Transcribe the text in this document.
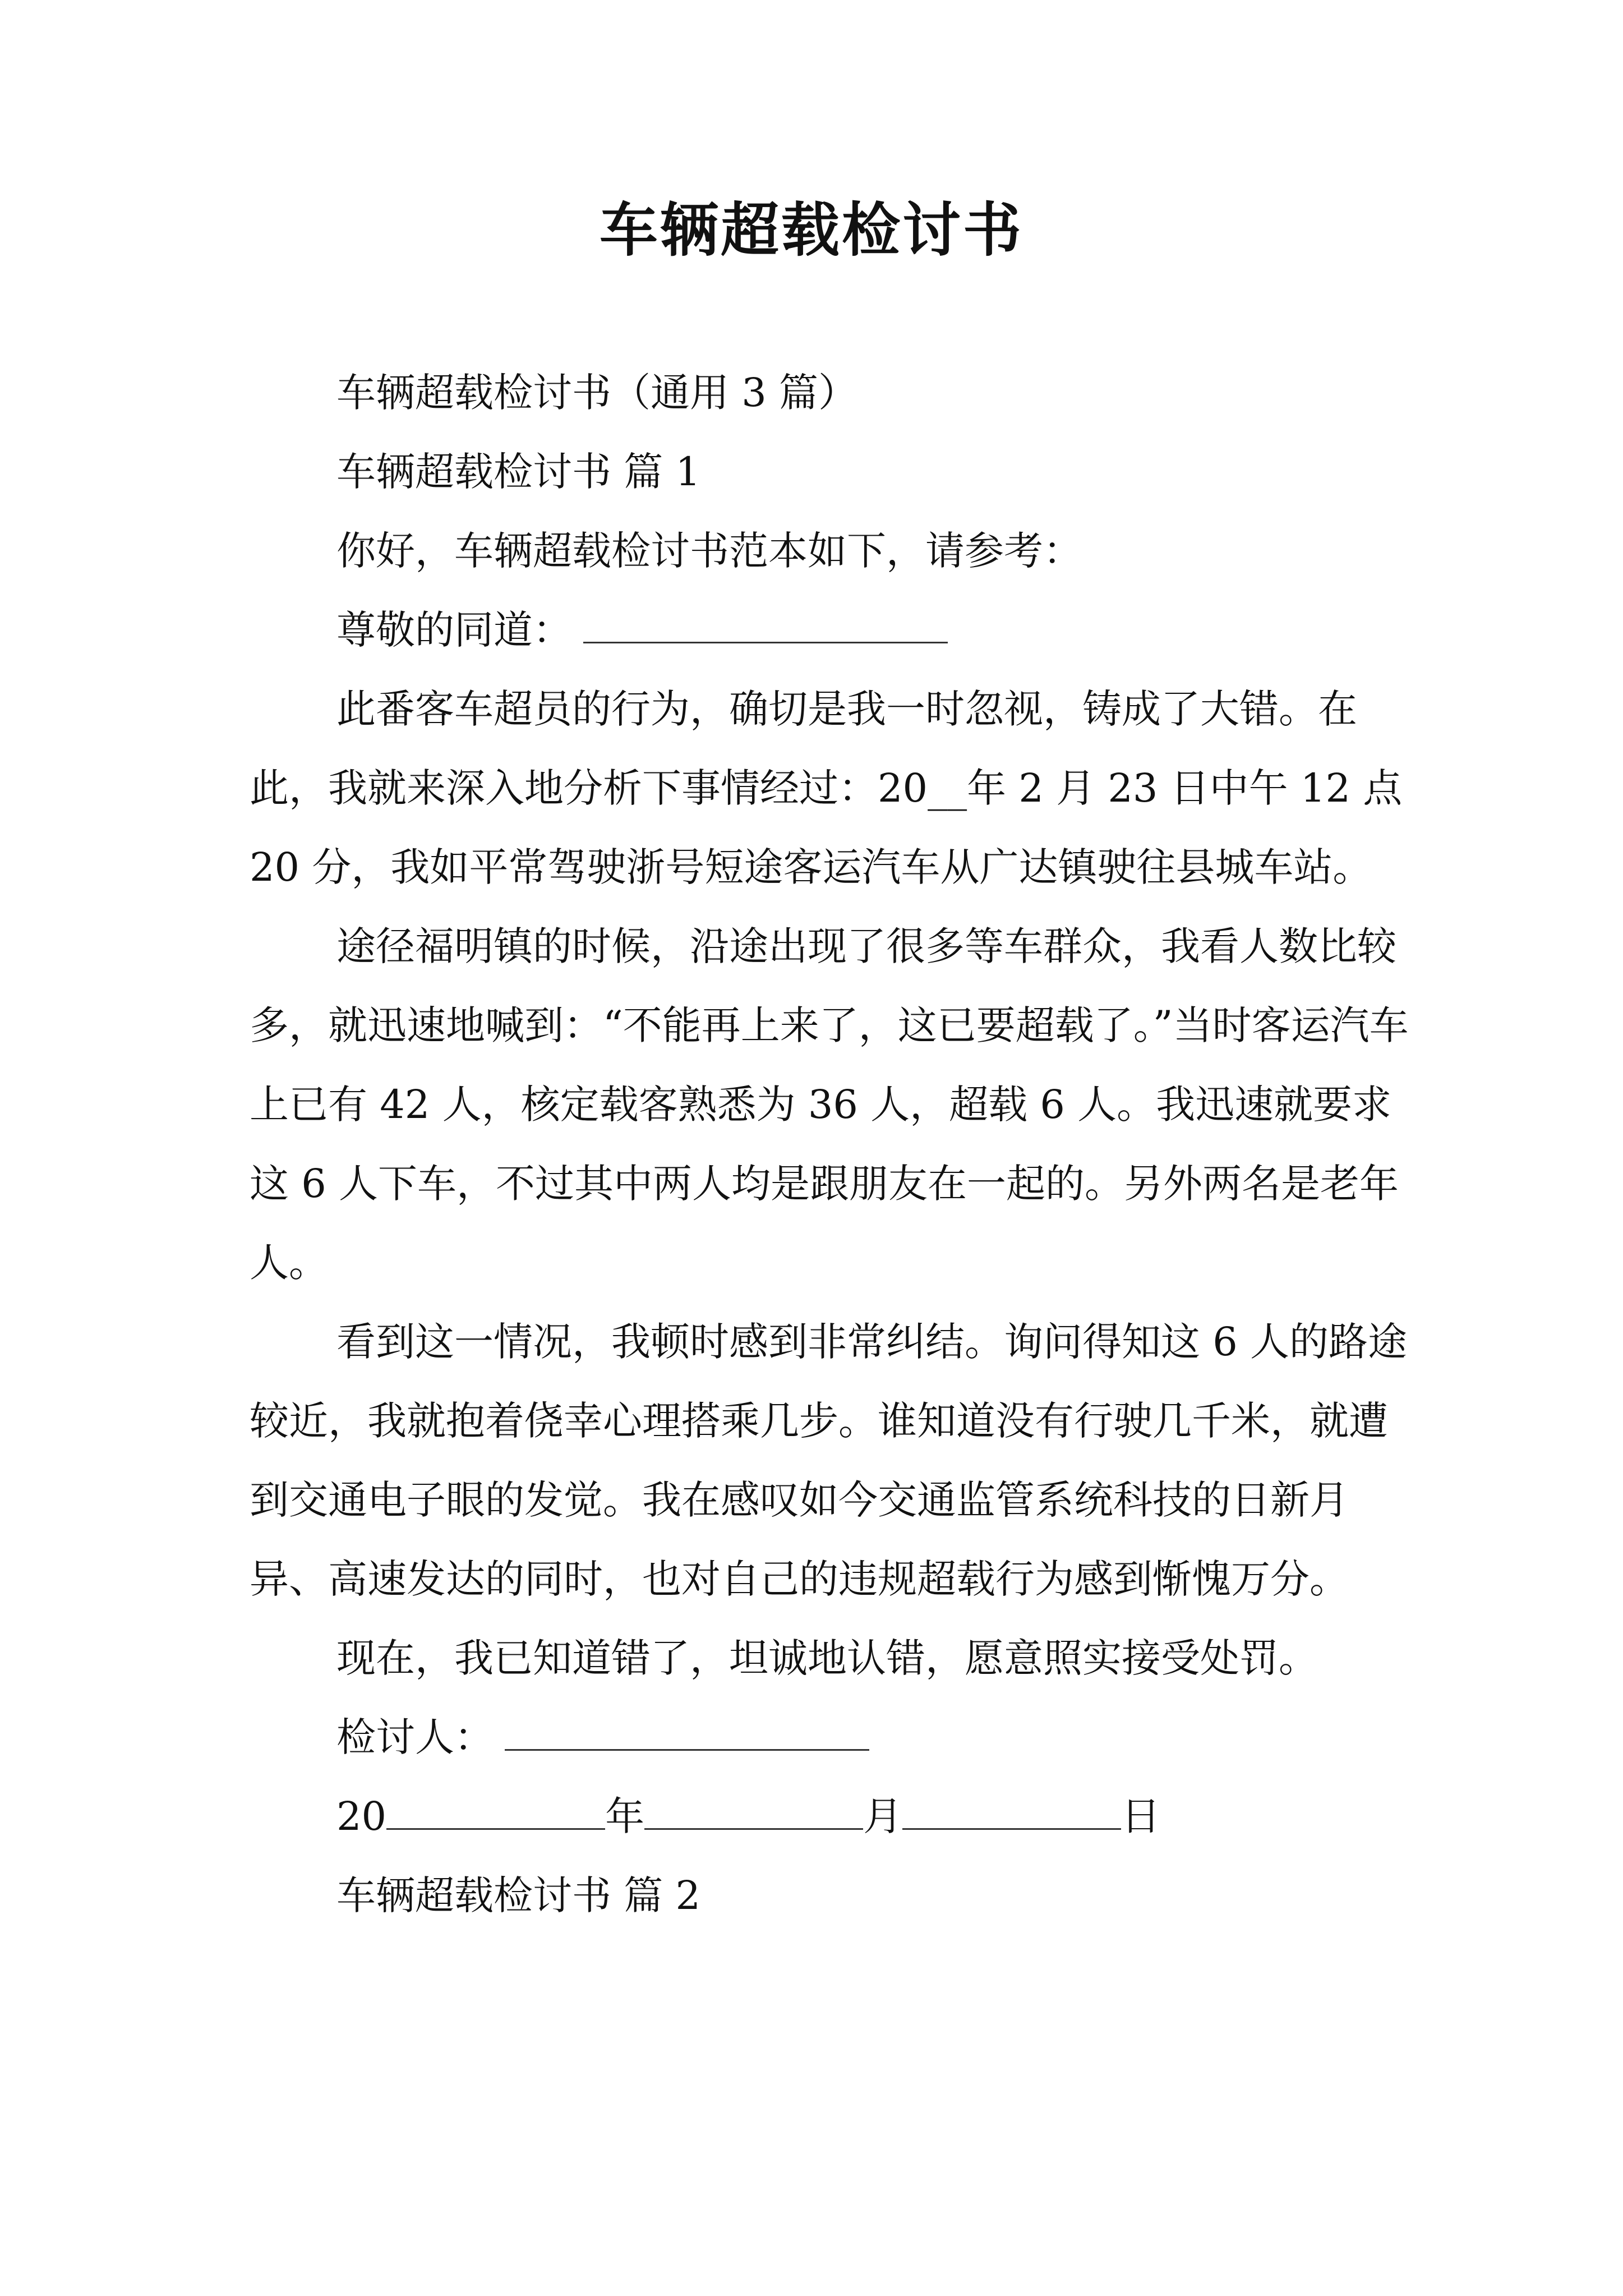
车辆超载检讨书

车辆超载检讨书（通用 3 篇）

车辆超载检讨书 篇 1

你好，车辆超载检讨书范本如下，请参考：

尊敬的同道：

此番客车超员的行为，确切是我一时忽视，铸成了大错。在此，我就来深入地分析下事情经过：20__年 2 月 23 日中午 12 点 20 分，我如平常驾驶浙号短途客运汽车从广达镇驶往县城车站。

途径福明镇的时候，沿途出现了很多等车群众，我看人数比较多，就迅速地喊到：“不能再上来了，这已要超载了。”当时客运汽车上已有 42 人，核定载客熟悉为 36 人，超载 6 人。我迅速就要求这 6 人下车，不过其中两人均是跟朋友在一起的。另外两名是老年人。

看到这一情况，我顿时感到非常纠结。询问得知这 6 人的路途较近，我就抱着侥幸心理搭乘几步。谁知道没有行驶几千米，就遭到交通电子眼的发觉。我在感叹如今交通监管系统科技的日新月异、高速发达的同时，也对自己的违规超载行为感到惭愧万分。

现在，我已知道错了，坦诚地认错，愿意照实接受处罚。

检讨人：

20	年	月	日

车辆超载检讨书 篇 2
